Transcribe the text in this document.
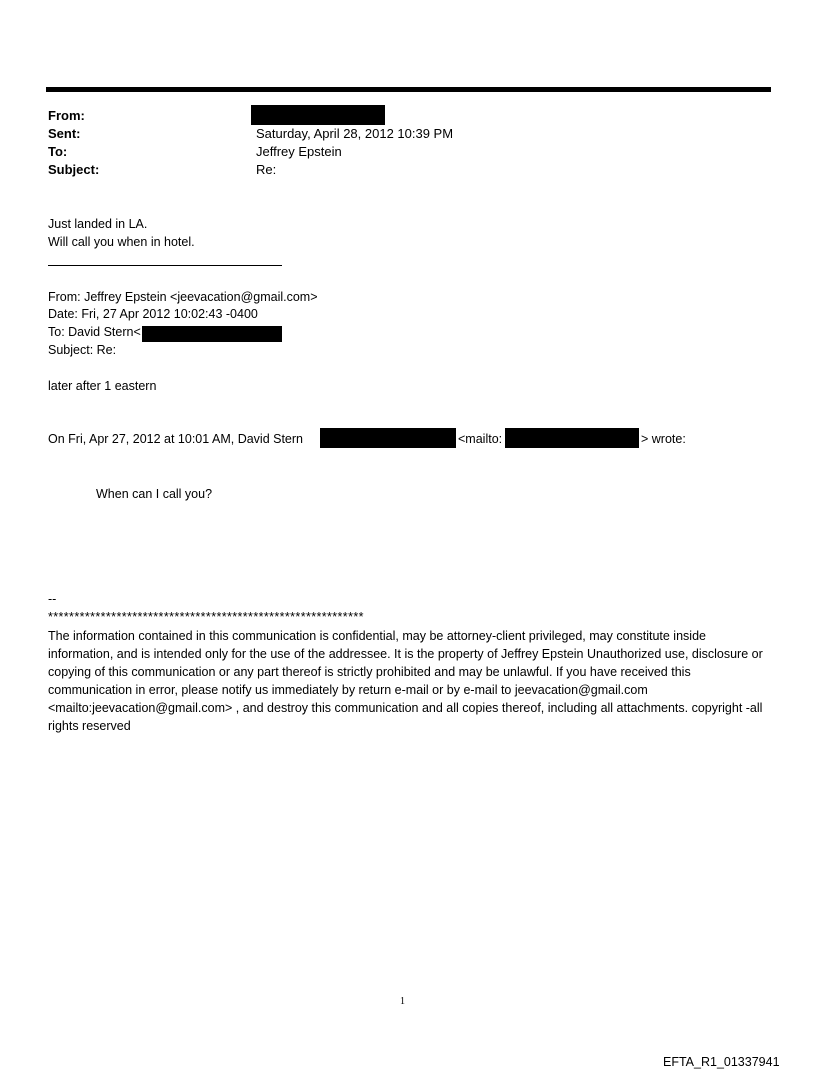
From:
Sent:	Saturday, April 28, 2012 10:39 PM
To:	Jeffrey Epstein
Subject:	Re:
Just landed in LA.
Will call you when in hotel.
From: Jeffrey Epstein <jeevacation@gmail.com>
Date: Fri, 27 Apr 2012 10:02:43 -0400
To: David Stern<
Subject: Re:
later after 1 eastern
On Fri, Apr 27, 2012 at 10:01 AM, David Stern	<mailto:	> wrote:
When can I call you?
--
************************************************************
The information contained in this communication is confidential, may be attorney-client privileged, may constitute inside information, and is intended only for the use of the addressee. It is the property of Jeffrey Epstein Unauthorized use, disclosure or copying of this communication or any part thereof is strictly prohibited and may be unlawful. If you have received this communication in error, please notify us immediately by return e-mail or by e-mail to jeevacation@gmail.com <mailto:jeevacation@gmail.com> , and destroy this communication and all copies thereof, including all attachments. copyright -all rights reserved
1
EFTA_R1_01337941
